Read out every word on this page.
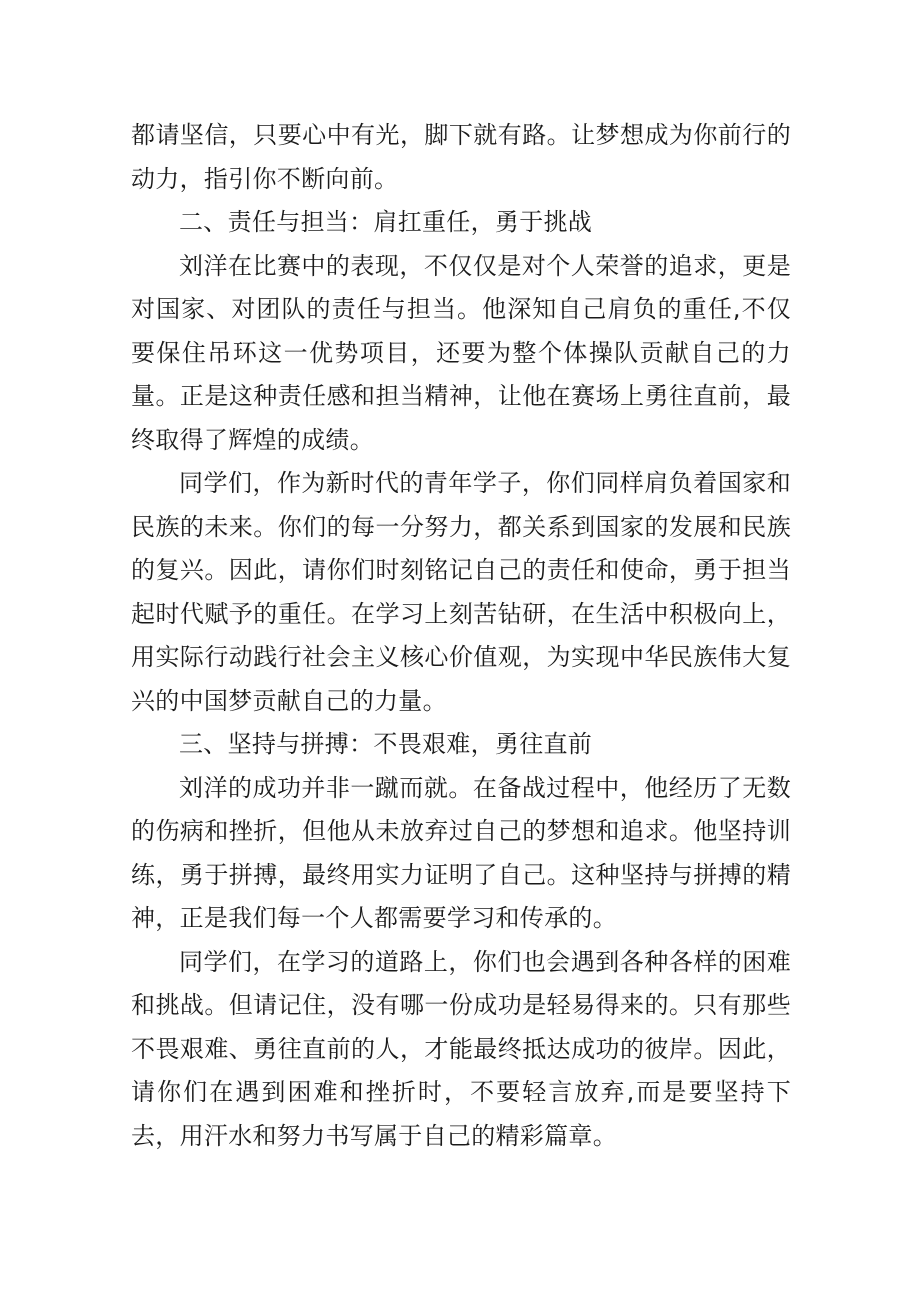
都请坚信，只要心中有光，脚下就有路。让梦想成为你前行的动力，指引你不断向前。

二、责任与担当：肩扛重任，勇于挑战

刘洋在比赛中的表现，不仅仅是对个人荣誉的追求，更是对国家、对团队的责任与担当。他深知自己肩负的重任,不仅要保住吊环这一优势项目，还要为整个体操队贡献自己的力量。正是这种责任感和担当精神，让他在赛场上勇往直前，最终取得了辉煌的成绩。

同学们，作为新时代的青年学子，你们同样肩负着国家和民族的未来。你们的每一分努力，都关系到国家的发展和民族的复兴。因此，请你们时刻铭记自己的责任和使命，勇于担当起时代赋予的重任。在学习上刻苦钻研，在生活中积极向上，用实际行动践行社会主义核心价值观，为实现中华民族伟大复兴的中国梦贡献自己的力量。

三、坚持与拼搏：不畏艰难，勇往直前

刘洋的成功并非一蹴而就。在备战过程中，他经历了无数的伤病和挫折，但他从未放弃过自己的梦想和追求。他坚持训练，勇于拼搏，最终用实力证明了自己。这种坚持与拼搏的精神，正是我们每一个人都需要学习和传承的。

同学们，在学习的道路上，你们也会遇到各种各样的困难和挑战。但请记住，没有哪一份成功是轻易得来的。只有那些不畏艰难、勇往直前的人，才能最终抵达成功的彼岸。因此，请你们在遇到困难和挫折时，不要轻言放弃,而是要坚持下去，用汗水和努力书写属于自己的精彩篇章。
